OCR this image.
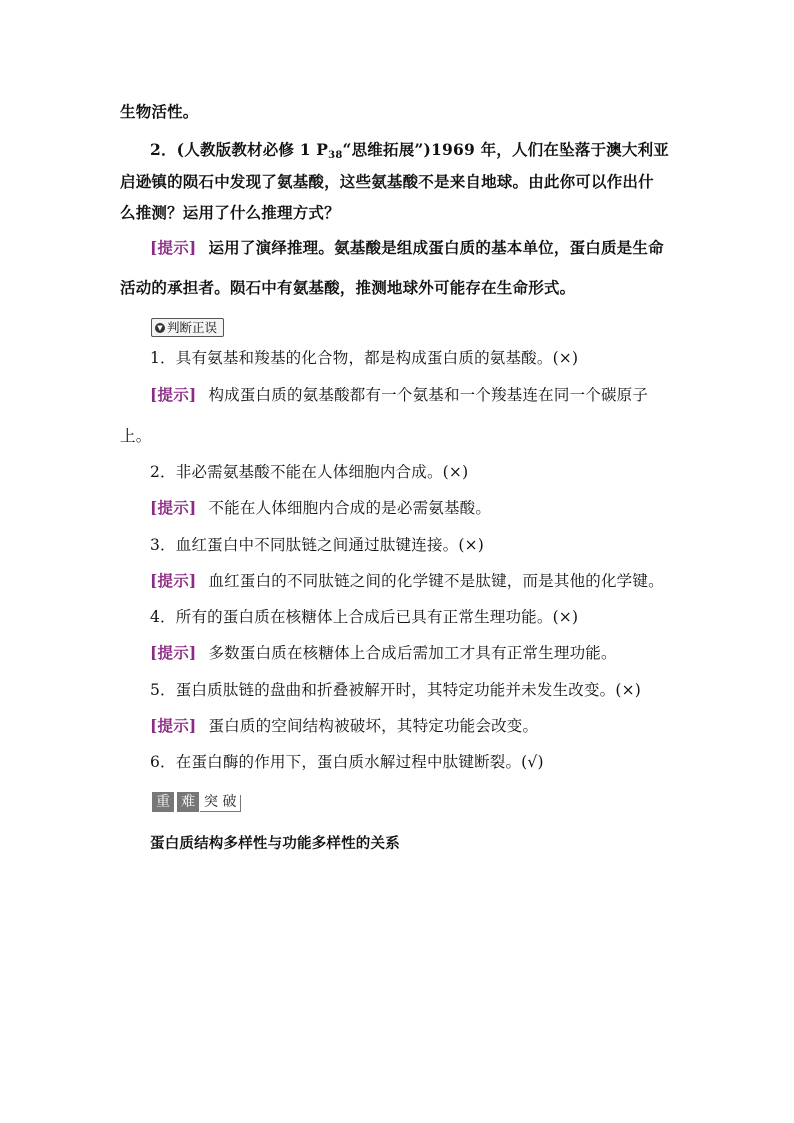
生物活性。
2．(人教版教材必修 1 $P_{38}“$思维拓展”)1969 年，人们在坠落于澳大利亚
启逊镇的陨石中发现了氨基酸，这些氨基酸不是来自地球。由此你可以作出什
么推测？运用了什么推理方式？
[提示] 运用了演绎推理。氨基酸是组成蛋白质的基本单位，蛋白质是生命
活动的承担者。陨石中有氨基酸，推测地球外可能存在生命形式。
▼ 判断正误
1．具有氨基和羧基的化合物，都是构成蛋白质的氨基酸。(×)
[提示] 构成蛋白质的氨基酸都有一个氨基和一个羧基连在同一个碳原子
上。
2．非必需氨基酸不能在人体细胞内合成。(×)
[提示] 不能在人体细胞内合成的是必需氨基酸。
3．血红蛋白中不同肽链之间通过肽键连接。(×)
[提示] 血红蛋白的不同肽链之间的化学键不是肽键，而是其他的化学键。
4．所有的蛋白质在核糖体上合成后已具有正常生理功能。(×)
[提示] 多数蛋白质在核糖体上合成后需加工才具有正常生理功能。
5．蛋白质肽链的盘曲和折叠被解开时，其特定功能并未发生改变。(×)
[提示] 蛋白质的空间结构被破坏，其特定功能会改变。
6．在蛋白酶的作用下，蛋白质水解过程中肽键断裂。(√)
重 难 突 破
蛋白质结构多样性与功能多样性的关系
